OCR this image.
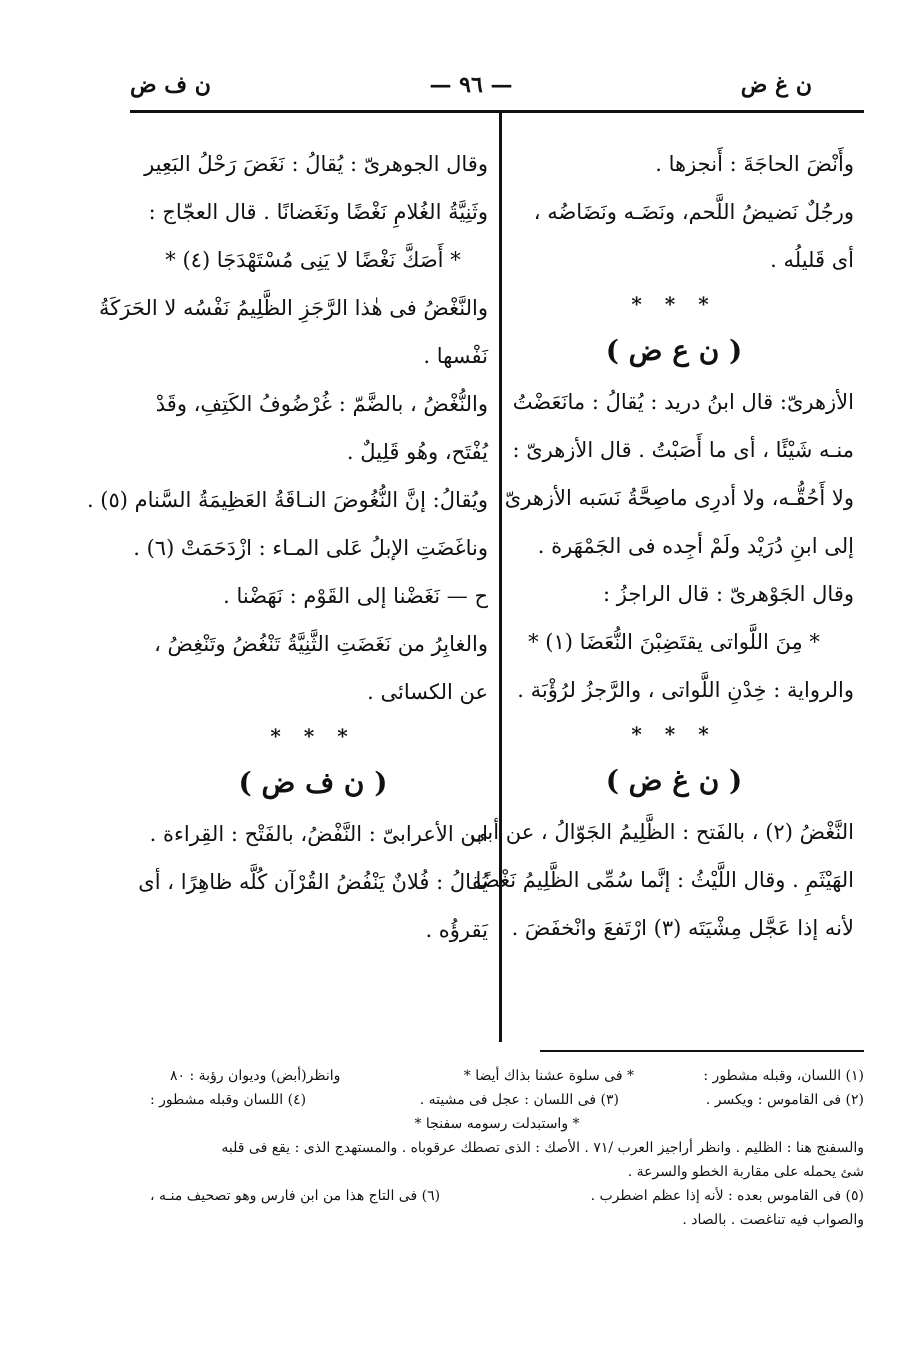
ن غ ض
— ٩٦ —
ن ف ض
وأَنْضَ الحاجَةَ : أَنجزها .
ورجُلٌ نَضيضُ اللَّحم، ونَضَـه ونَضَاضُه ،
أى قَليلُه .
* * *
( ن ع ض )
الأزهرىّ: قال ابنُ دريد : يُقالُ : مانَعَضْتُ
منـه شَيْئًا ، أى ما أَصَبْتُ . قال الأزهرىّ :
ولا أَحُقُّـه، ولا أدرِى ماصِحَّةُ نَسَبه الأزهرىّ
إلى ابنِ دُرَيْد ولَمْ أجِده فى الجَمْهَرة .
وقال الجَوْهرىّ : قال الراجزُ :
* مِنَ اللَّواتى يقتَضِبْنَ النُّعَضَا (١) *
والرواية : خِدْنِ اللَّواتى ، والرَّجزُ لرُؤْبَة .
* * *
( ن غ ض )
النَّغْضُ (٢) ، بالفَتح : الظَّلِيمُ الجَوّالُ ، عن أبى
الهَيْثَمِ . وقال اللَّيْثُ : إنَّما سُمِّى الظَّلِيمُ نَغْضًا
لأنه إذا عَجَّل مِشْيَتَه (٣) ارْتَفعَ وانْخفَضَ .
وقال الجوهرىّ : يُقالُ : نَغَضَ رَحْلُ البَعِير
وثَنِيَّةُ الغُلامِ نَغْضًا ونَغَضانًا . قال العجّاج :
* أَصَكَّ نَغْضًا لا يَنِى مُسْتَهْدَجَا (٤) *
والنَّغْضُ فى هٰذا الرَّجَزِ الظَّلِيمُ نَفْسُه لا الحَرَكَةُ
نَفْسها .
والنُّغْضُ ، بالضَّمّ : غُرْضُوفُ الكَتِفِ، وقَدْ
يُفْتَح، وهُو قَلِيلٌ .
ويُقالُ: إنَّ النُّغُوضَ النـاقَةُ العَظِيمَةُ السَّنام (٥) .
وناغَضَتِ الإبلُ عَلى المـاء : ازْدَحَمَتْ (٦) .
ح — نَغَضْنا إلى القَوْم : نَهَضْنا .
والغابِرُ من نَغَضَتِ الثَّنِيَّةُ تَنْغُضُ وتَنْغِضُ ،
عن الكسائى .
* * *
( ن ف ض )
ابن الأعرابىّ : النَّفْضُ، بالفَتْح : القِراءة .
يُقالُ : فُلانٌ يَنْفُضُ القُرْآن كُلَّه ظاهِرًا ، أى
يَقرؤُه .
(١) اللسان، وقبله مشطور :
* فى سلوة عشنا بذاك أيضا *
وانظر(أبض) وديوان رؤبة : ٨٠
(٢) فى القاموس : ويكسر .
(٣) فى اللسان : عجل فى مشيته .
(٤) اللسان وقبله مشطور :
* واستبدلت رسومه سفنجا *
والسفنج هنا : الظليم . وانظر أراجيز العرب /٧١ . الأصك : الذى تصطك عرقوباه . والمستهدج الذى : يقع فى قلبه
شئ يحمله على مقاربة الخطو والسرعة .
(٥) فى القاموس بعده : لأنه إذا عظم اضطرب .
(٦) فى التاج هذا من ابن فارس وهو تصحيف منـه ،
والصواب فيه تناغصت . بالصاد .
